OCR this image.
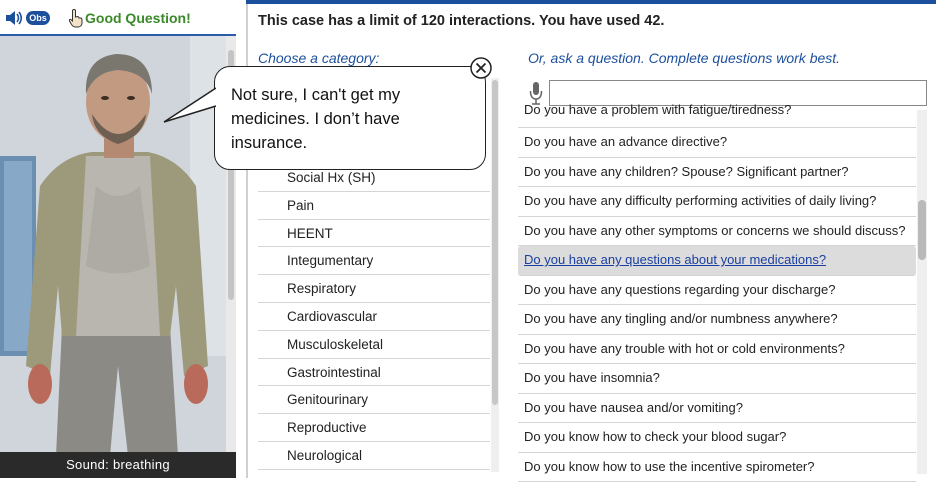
Obs	Good Question!
Sound: breathing
Not sure, I can't get my medicines. I don’t have insurance.
This case has a limit of 120 interactions. You have used 42.
Choose a category:	Or, ask a question. Complete questions work best.
Social Hx (SH)
Pain
HEENT
Integumentary
Respiratory
Cardiovascular
Musculoskeletal
Gastrointestinal
Genitourinary
Reproductive
Neurological
Do you have a problem with fatigue/tiredness?
Do you have an advance directive?
Do you have any children? Spouse? Significant partner?
Do you have any difficulty performing activities of daily living?
Do you have any other symptoms or concerns we should discuss?
Do you have any questions about your medications?
Do you have any questions regarding your discharge?
Do you have any tingling and/or numbness anywhere?
Do you have any trouble with hot or cold environments?
Do you have insomnia?
Do you have nausea and/or vomiting?
Do you know how to check your blood sugar?
Do you know how to use the incentive spirometer?
